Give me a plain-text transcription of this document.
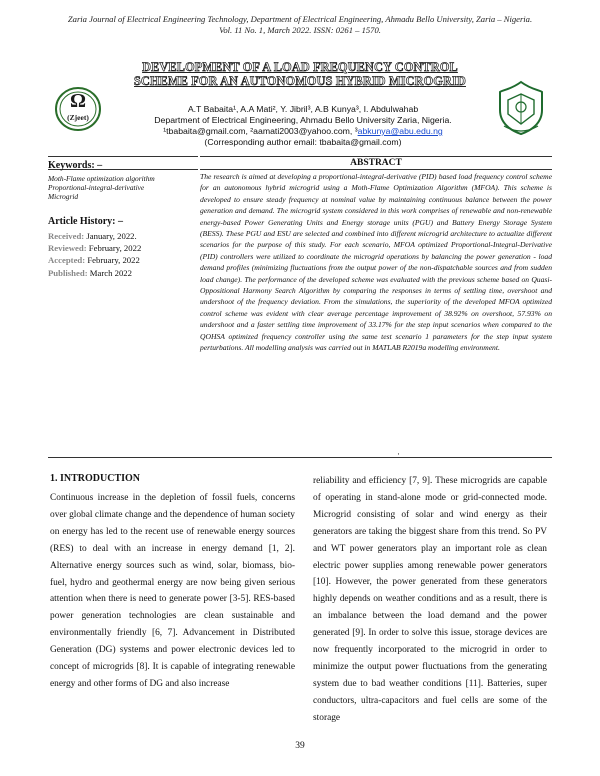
Zaria Journal of Electrical Engineering Technology, Department of Electrical Engineering, Ahmadu Bello University, Zaria – Nigeria.
Vol. 11 No. 1, March 2022. ISSN: 0261 – 1570.
Ω
(Zjeet)
DEVELOPMENT OF A LOAD FREQUENCY CONTROL
SCHEME FOR AN AUTONOMOUS HYBRID MICROGRID
A.T Babaita¹, A.A Mati², Y. Jibril³, A.B Kunya³, I. Abdulwahab
Department of Electrical Engineering, Ahmadu Bello University Zaria, Nigeria.
¹tbabaita@gmail.com, ²aamati2003@yahoo.com, ³abkunya@abu.edu.ng
(Corresponding author email: tbabaita@gmail.com)
Keywords: –
Moth-Flame optimization algorithm
Proportional-integral-derivative
Microgrid
Article History: –
Received: January, 2022.
Reviewed: February, 2022
Accepted: February, 2022
Published: March 2022
ABSTRACT
The research is aimed at developing a proportional-integral-derivative (PID) based load frequency control scheme for an autonomous hybrid microgrid using a Moth-Flame Optimization Algorithm (MFOA). This scheme is developed to ensure steady frequency at nominal value by maintaining continuous balance between the power generation and demand. The microgrid system considered in this work comprises of renewable and non-renewable energy-based Power Generating Units and Energy storage units (PGU) and Battery Energy Storage System (BESS). These PGU and ESU are selected and combined into different microgrid architecture to actualize different scenarios for the purpose of this study. For each scenario, MFOA optimized Proportional-Integral-Derivative (PID) controllers were utilized to coordinate the microgrid operations by balancing the power generation - load demand profiles (minimizing fluctuations from the output power of the non-dispatchable sources and from sudden load change). The performance of the developed scheme was evaluated with the previous scheme based on Quasi-Oppositional Harmony Search Algorithm by comparing the responses in terms of settling time, overshoot and undershoot of the frequency deviation. From the simulations, the superiority of the developed MFOA optimized control scheme was evident with clear average percentage improvement of 38.92% on overshoot, 57.93% on undershoot and a faster settling time improvement of 33.17% for the step input scenarios when compared to the QOHSA optimized frequency controller using the same test scenario 1 parameters for the step input system perturbations. All modelling analysis was carried out in MATLAB R2019a modelling environment.
·
1. INTRODUCTION
Continuous increase in the depletion of fossil fuels, concerns over global climate change and the dependence of human society on energy has led to the recent use of renewable energy sources (RES) to deal with an increase in energy demand [1, 2]. Alternative energy sources such as wind, solar, biomass, bio-fuel, hydro and geothermal energy are now being given serious attention when there is need to generate power [3-5]. RES-based power generation technologies are clean sustainable and environmentally friendly [6, 7]. Advancement in Distributed Generation (DG) systems and power electronic devices led to concept of microgrids [8]. It is capable of integrating renewable energy and other forms of DG and also increase
reliability and efficiency [7, 9]. These microgrids are capable of operating in stand-alone mode or grid-connected mode. Microgrid consisting of solar and wind energy as their generators are taking the biggest share from this trend. So PV and WT power generators play an important role as clean electric power supplies among renewable power generators [10]. However, the power generated from these generators highly depends on weather conditions and as a result, there is an imbalance between the load demand and the power generated [9]. In order to solve this issue, storage devices are now frequently incorporated to the microgrid in order to minimize the output power fluctuations from the generating system due to bad weather conditions [11]. Batteries, super conductors, ultra-capacitors and fuel cells are some of the storage
39
